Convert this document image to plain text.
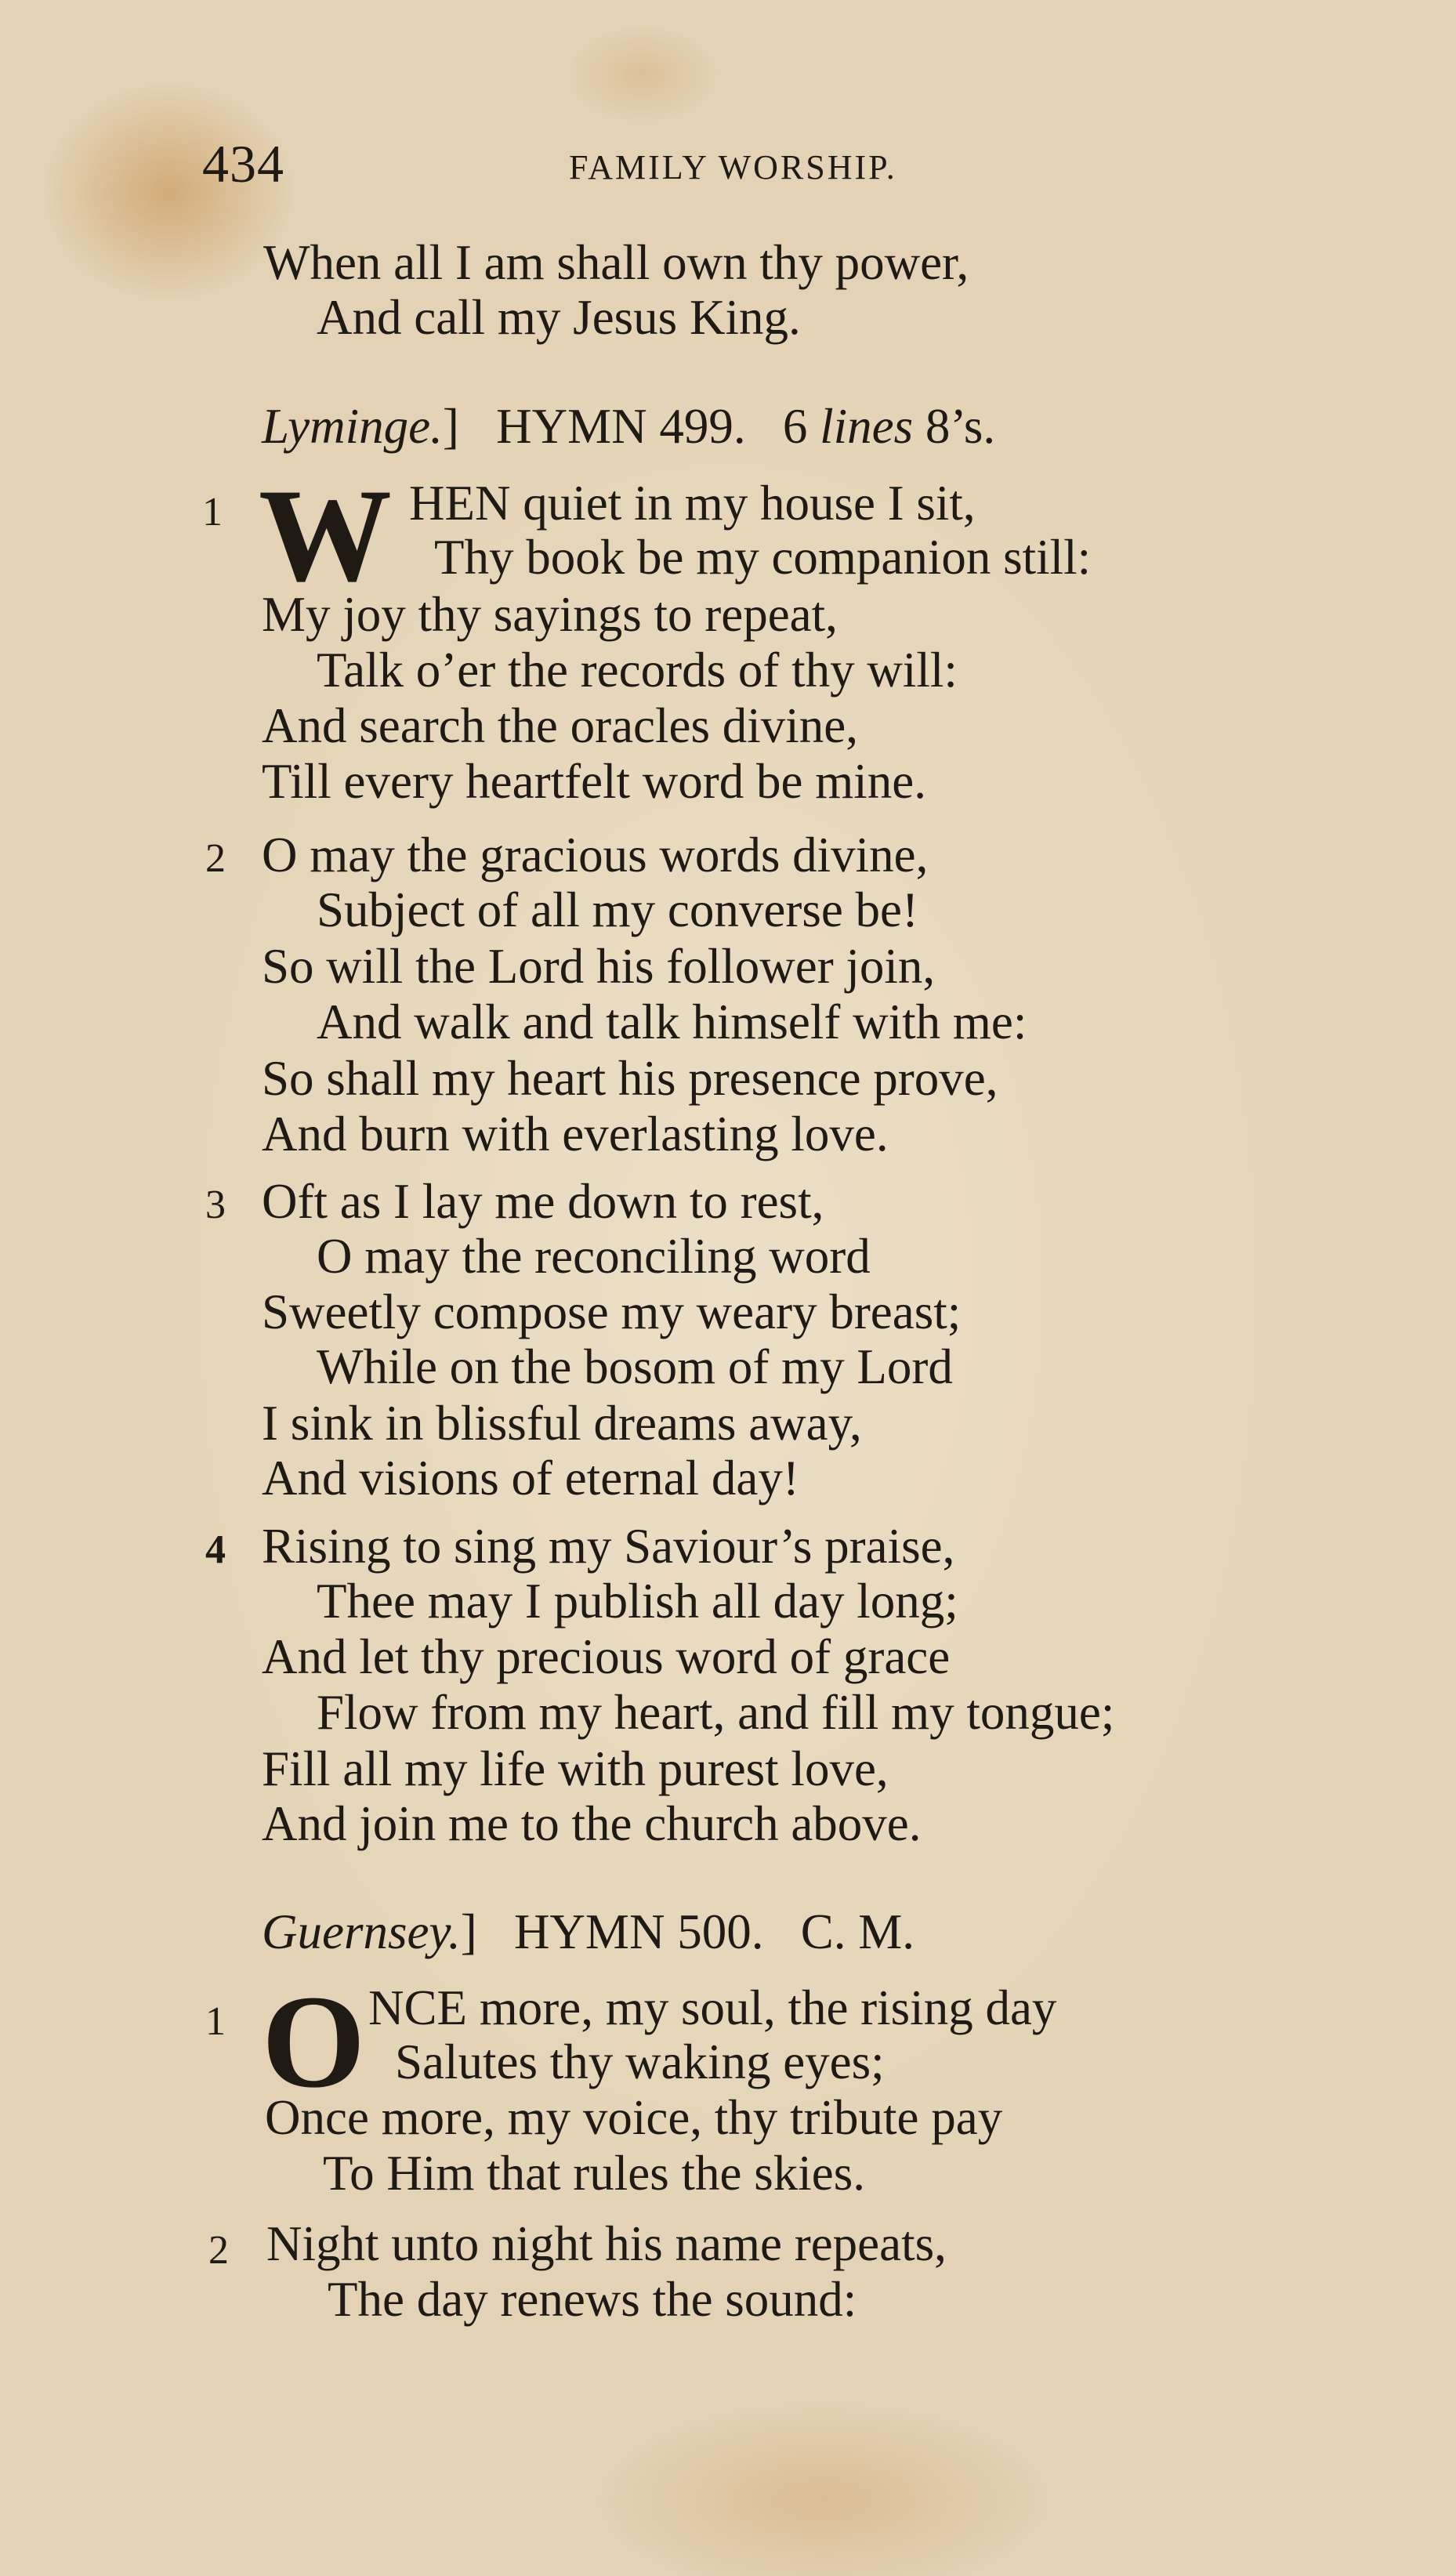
434	FAMILY WORSHIP.
When all I am shall own thy power,
And call my Jesus King.
Lyminge.] HYMN 499. 6 lines 8’s.
1 W HEN quiet in my house I sit,
Thy book be my companion still:
My joy thy sayings to repeat,
Talk o’er the records of thy will:
And search the oracles divine,
Till every heartfelt word be mine.
2 O may the gracious words divine,
Subject of all my converse be!
So will the Lord his follower join,
And walk and talk himself with me:
So shall my heart his presence prove,
And burn with everlasting love.
3 Oft as I lay me down to rest,
O may the reconciling word
Sweetly compose my weary breast;
While on the bosom of my Lord
I sink in blissful dreams away,
And visions of eternal day!
4 Rising to sing my Saviour’s praise,
Thee may I publish all day long;
And let thy precious word of grace
Flow from my heart, and fill my tongue;
Fill all my life with purest love,
And join me to the church above.
Guernsey.] HYMN 500. C. M.
1 O NCE more, my soul, the rising day
Salutes thy waking eyes;
Once more, my voice, thy tribute pay
To Him that rules the skies.
2 Night unto night his name repeats,
The day renews the sound:
